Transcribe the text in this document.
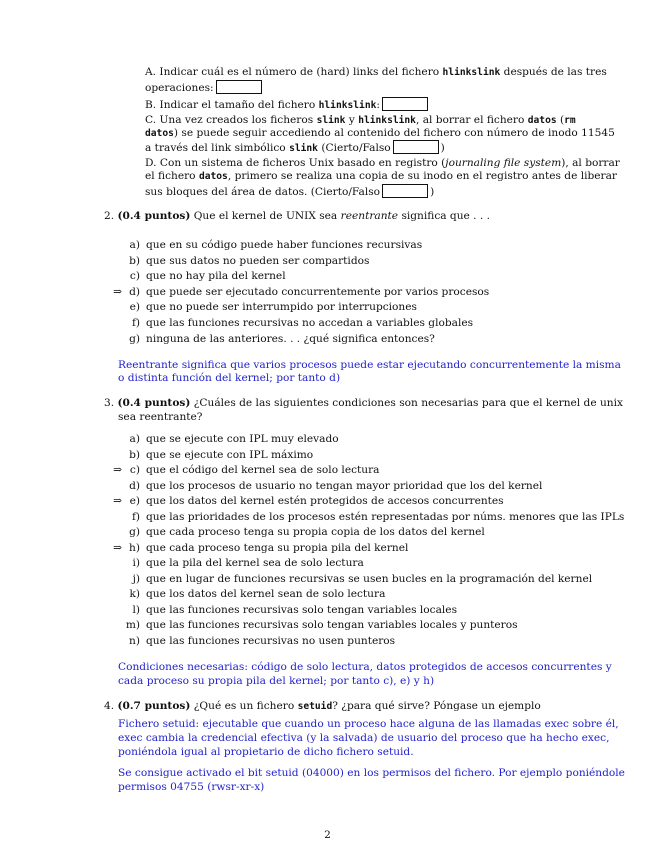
A. Indicar cuál es el número de (hard) links del fichero hlinkslink después de las tres
operaciones:
B. Indicar el tamaño del fichero hlinkslink:
C. Una vez creados los ficheros slink y hlinkslink, al borrar el fichero datos (rm
datos) se puede seguir accediendo al contenido del fichero con número de inodo 11545
a través del link simbólico slink (Cierto/Falso	)
D. Con un sistema de ficheros Unix basado en registro (journaling file system), al borrar
el fichero datos, primero se realiza una copia de su inodo en el registro antes de liberar
sus bloques del área de datos. (Cierto/Falso	)
2. (0.4 puntos) Que el kernel de UNIX sea reentrante significa que . . .
a) que en su código puede haber funciones recursivas
b) que sus datos no pueden ser compartidos
c) que no hay pila del kernel
⇒ d) que puede ser ejecutado concurrentemente por varios procesos
e) que no puede ser interrumpido por interrupciones
f) que las funciones recursivas no accedan a variables globales
g) ninguna de las anteriores. . . ¿qué significa entonces?
Reentrante significa que varios procesos puede estar ejecutando concurrentemente la misma
o distinta función del kernel; por tanto d)
3. (0.4 puntos) ¿Cuáles de las siguientes condiciones son necesarias para que el kernel de unix
sea reentrante?
a) que se ejecute con IPL muy elevado
b) que se ejecute con IPL máximo
⇒ c) que el código del kernel sea de solo lectura
d) que los procesos de usuario no tengan mayor prioridad que los del kernel
⇒ e) que los datos del kernel estén protegidos de accesos concurrentes
f) que las prioridades de los procesos estén representadas por núms. menores que las IPLs
g) que cada proceso tenga su propia copia de los datos del kernel
⇒ h) que cada proceso tenga su propia pila del kernel
i) que la pila del kernel sea de solo lectura
j) que en lugar de funciones recursivas se usen bucles en la programación del kernel
k) que los datos del kernel sean de solo lectura
l) que las funciones recursivas solo tengan variables locales
m) que las funciones recursivas solo tengan variables locales y punteros
n) que las funciones recursivas no usen punteros
Condiciones necesarias: código de solo lectura, datos protegidos de accesos concurrentes y
cada proceso su propia pila del kernel; por tanto c), e) y h)
4. (0.7 puntos) ¿Qué es un fichero setuid? ¿para qué sirve? Póngase un ejemplo
Fichero setuid: ejecutable que cuando un proceso hace alguna de las llamadas exec sobre él,
exec cambia la credencial efectiva (y la salvada) de usuario del proceso que ha hecho exec,
poniéndola igual al propietario de dicho fichero setuid.
Se consigue activado el bit setuid (04000) en los permisos del fichero. Por ejemplo poniéndole
permisos 04755 (rwsr-xr-x)
2
